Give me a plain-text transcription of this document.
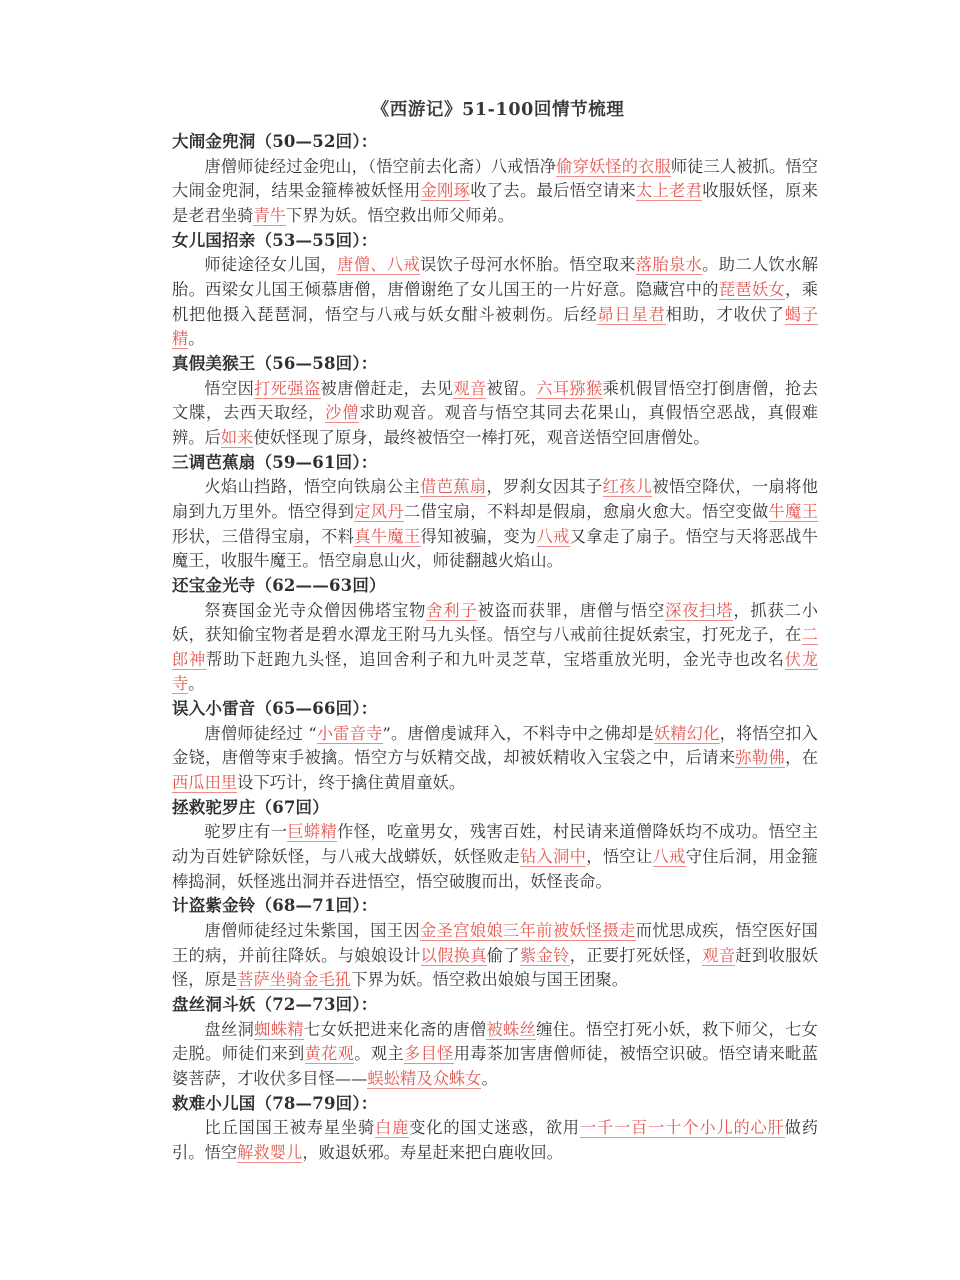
《西游记》51-100回情节梳理
大闹金兜洞（50—52回）：

唐僧师徒经过金兜山，（悟空前去化斋）八戒悟净偷穿妖怪的衣服师徒三人被抓。悟空大闹金兜洞，结果金箍棒被妖怪用金刚琢收了去。最后悟空请来太上老君收服妖怪，原来是老君坐骑青牛下界为妖。悟空救出师父师弟。

女儿国招亲（53—55回）：

师徒途径女儿国，唐僧、八戒误饮子母河水怀胎。悟空取来落胎泉水。助二人饮水解胎。西梁女儿国王倾慕唐僧，唐僧谢绝了女儿国王的一片好意。隐藏宫中的琵琶妖女，乘机把他摄入琵琶洞，悟空与八戒与妖女酣斗被刺伤。后经昴日星君相助，才收伏了蝎子精。

真假美猴王（56—58回）：

悟空因打死强盗被唐僧赶走，去见观音被留。六耳猕猴乘机假冒悟空打倒唐僧，抢去文牒，去西天取经，沙僧求助观音。观音与悟空其同去花果山，真假悟空恶战，真假难辨。后如来使妖怪现了原身，最终被悟空一棒打死，观音送悟空回唐僧处。

三调芭蕉扇（59—61回）：

火焰山挡路，悟空向铁扇公主借芭蕉扇，罗刹女因其子红孩儿被悟空降伏，一扇将他扇到九万里外。悟空得到定风丹二借宝扇，不料却是假扇，愈扇火愈大。悟空变做牛魔王形状，三借得宝扇，不料真牛魔王得知被骗，变为八戒又拿走了扇子。悟空与天将恶战牛魔王，收服牛魔王。悟空扇息山火，师徒翻越火焰山。

还宝金光寺（62——63回）

祭赛国金光寺众僧因佛塔宝物舍利子被盗而获罪，唐僧与悟空深夜扫塔，抓获二小妖，获知偷宝物者是碧水潭龙王附马九头怪。悟空与八戒前往捉妖索宝，打死龙子，在二郎神帮助下赶跑九头怪，追回舍利子和九叶灵芝草，宝塔重放光明，金光寺也改名伏龙寺。

误入小雷音（65—66回）：

唐僧师徒经过 “小雷音寺”。唐僧虔诚拜入，不料寺中之佛却是妖精幻化，将悟空扣入金铙，唐僧等束手被擒。悟空方与妖精交战，却被妖精收入宝袋之中，后请来弥勒佛，在西瓜田里设下巧计，终于擒住黄眉童妖。

拯救驼罗庄（67回）

驼罗庄有一巨蟒精作怪，吃童男女，残害百姓，村民请来道僧降妖均不成功。悟空主动为百姓铲除妖怪，与八戒大战蟒妖，妖怪败走钻入洞中，悟空让八戒守住后洞，用金箍棒捣洞，妖怪逃出洞并吞进悟空，悟空破腹而出，妖怪丧命。

计盗紫金铃（68—71回）：

唐僧师徒经过朱紫国，国王因金圣宫娘娘三年前被妖怪摄走而忧思成疾，悟空医好国王的病，并前往降妖。与娘娘设计以假换真偷了紫金铃，正要打死妖怪，观音赶到收服妖怪，原是菩萨坐骑金毛犼下界为妖。悟空救出娘娘与国王团聚。

盘丝洞斗妖（72—73回）：

盘丝洞蜘蛛精七女妖把进来化斋的唐僧被蛛丝缠住。悟空打死小妖，救下师父，七女走脱。师徒们来到黄花观。观主多目怪用毒茶加害唐僧师徒，被悟空识破。悟空请来毗蓝婆菩萨，才收伏多目怪——蜈蚣精及众蛛女。

救难小儿国（78—79回）：

比丘国国王被寿星坐骑白鹿变化的国丈迷惑，欲用一千一百一十个小儿的心肝做药引。悟空解救婴儿，败退妖邪。寿星赶来把白鹿收回。
